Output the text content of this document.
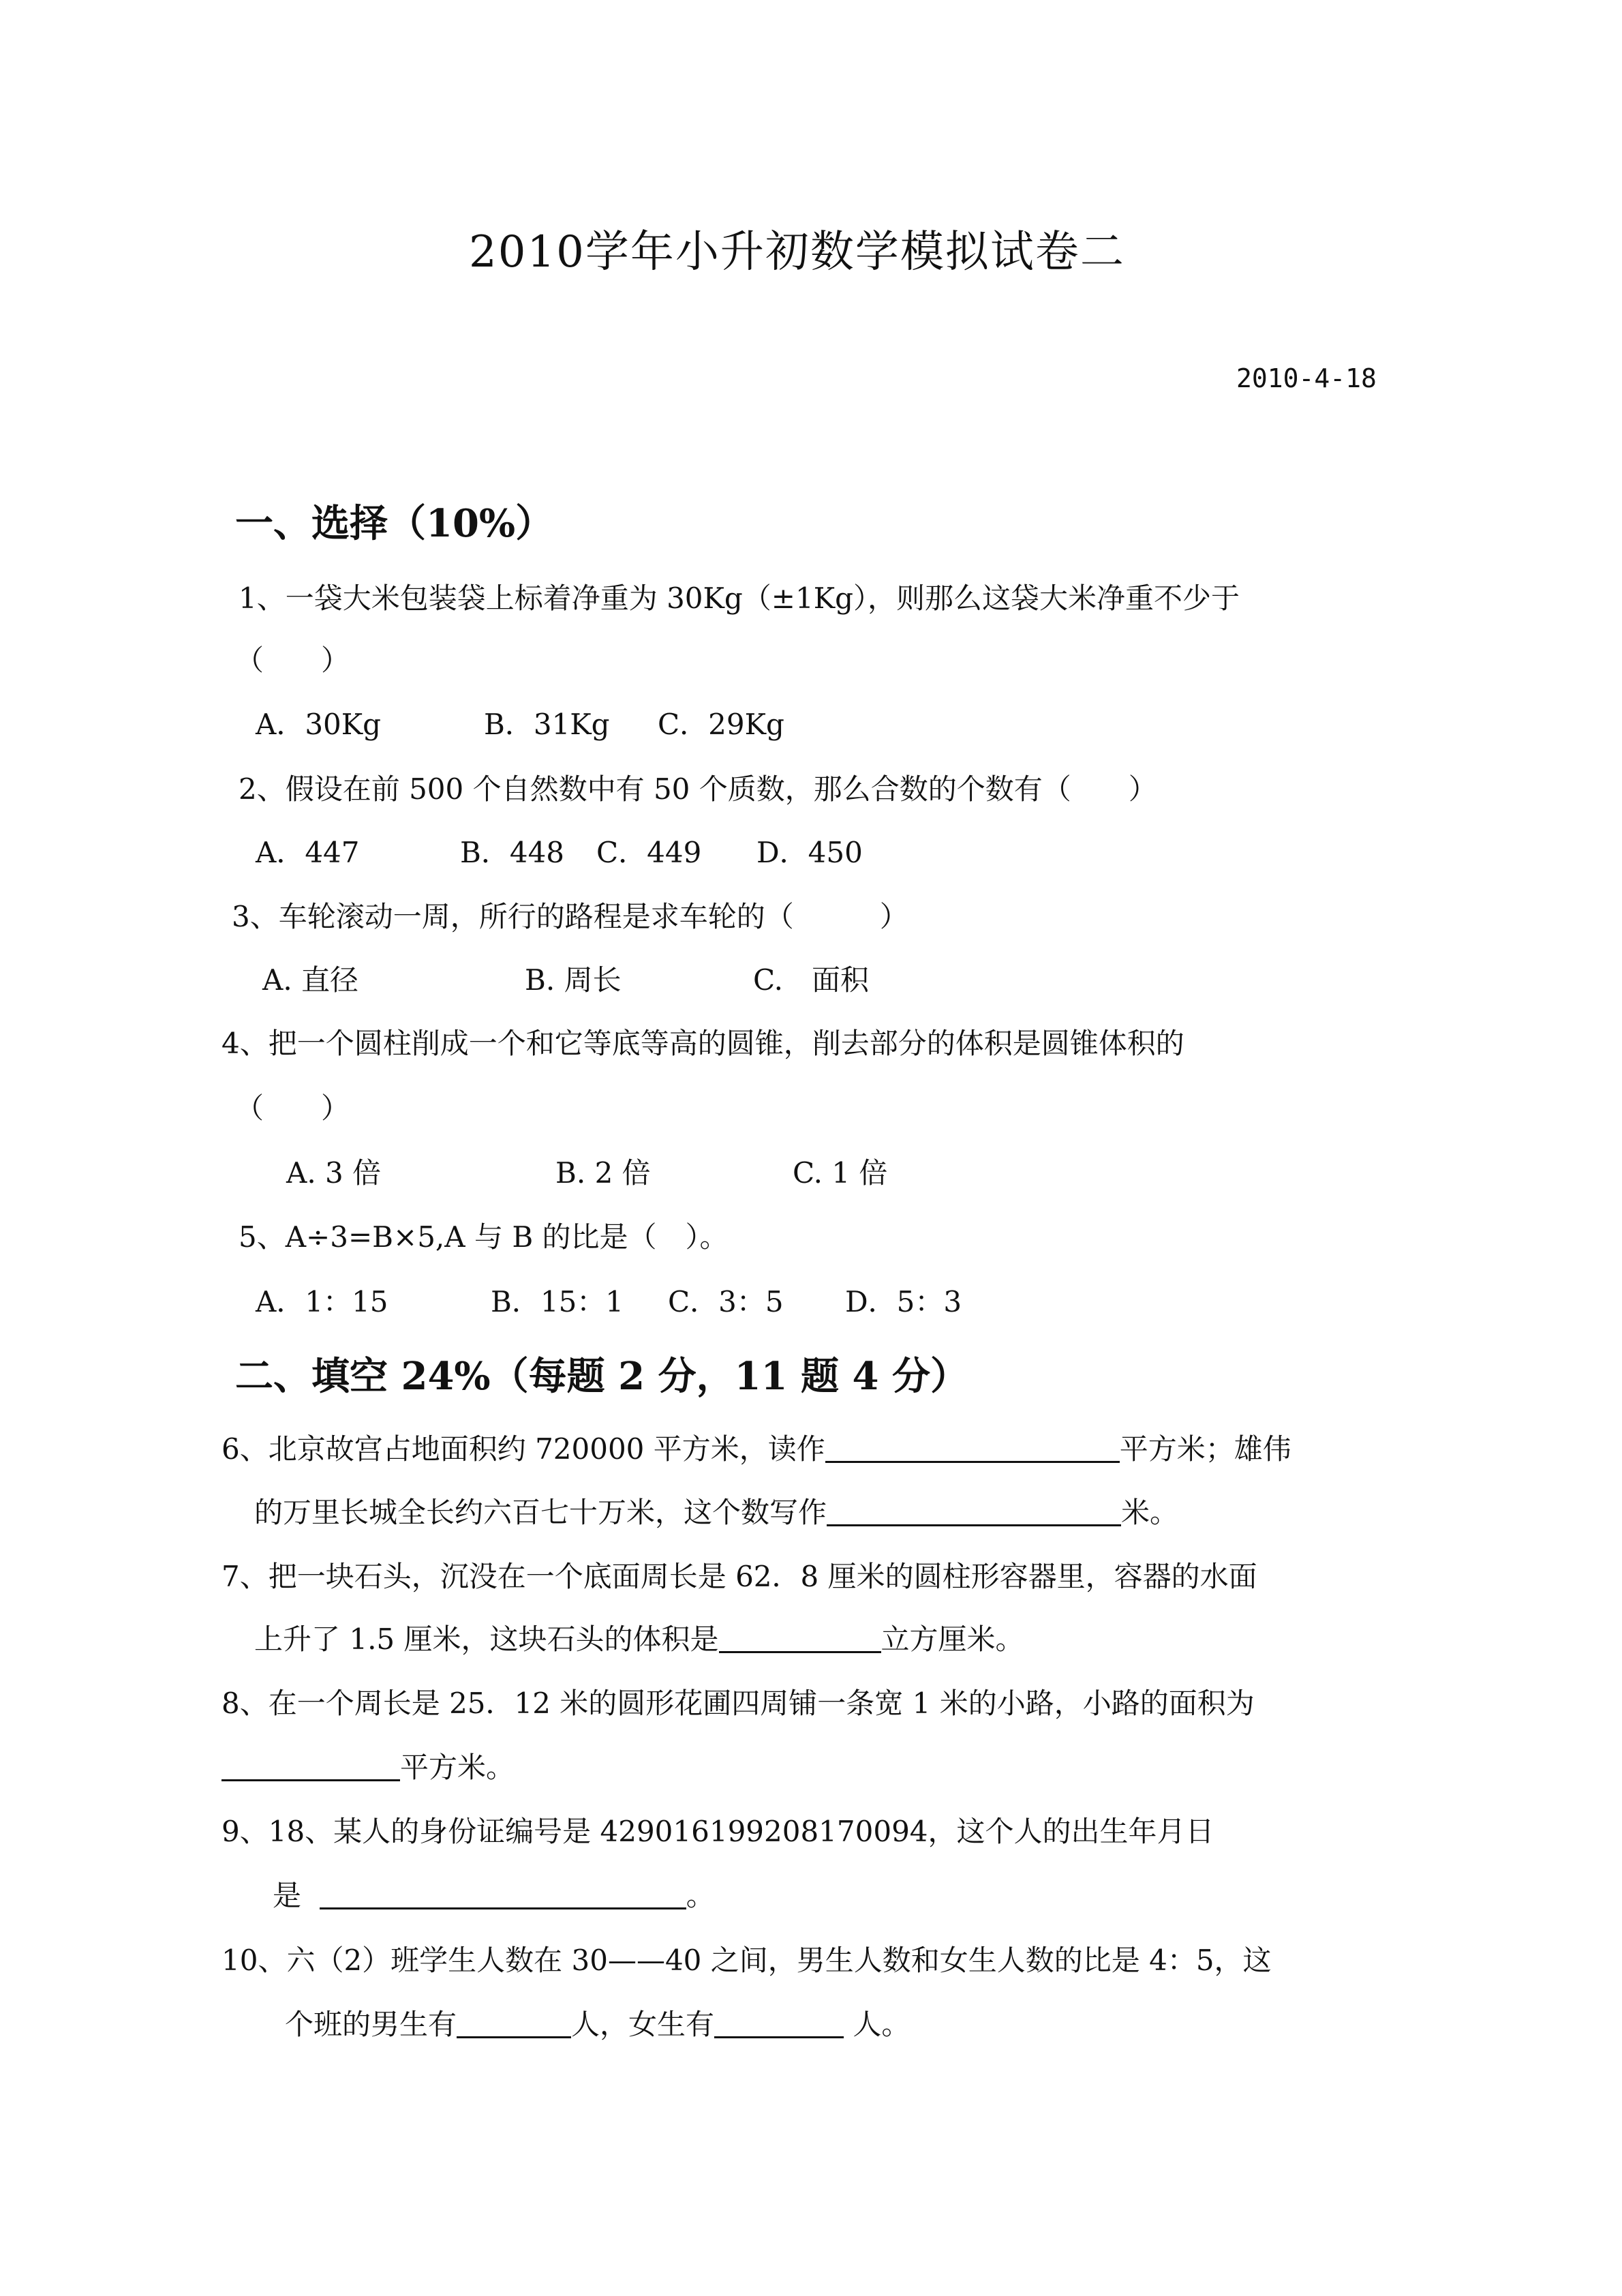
2010学年小升初数学模拟试卷二
2010-4-18
一、选择（10%）
1、一袋大米包装袋上标着净重为 30Kg（±1Kg），则那么这袋大米净重不少于
（　　）
A．30Kg	B．31Kg C．29Kg
2、假设在前 500 个自然数中有 50 个质数，那么合数的个数有（　　）
A．447	B．448 C．449 D．450
3、车轮滚动一周，所行的路程是求车轮的（　　　）
A. 直径	B. 周长	C.　面积
4、把一个圆柱削成一个和它等底等高的圆锥，削去部分的体积是圆锥体积的
（　　）
A. 3 倍	B. 2 倍	C. 1 倍
5、A÷3=B×5,A 与 B 的比是（　）。
A．1：15	B．15：1 C．3：5 D．5：3
二、填空 24%（每题 2 分，11 题 4 分）
6、北京故宫占地面积约 720000 平方米，读作	平方米；雄伟
的万里长城全长约六百七十万米，这个数写作	米。
7、把一块石头，沉没在一个底面周长是 62．8 厘米的圆柱形容器里，容器的水面
上升了 1.5 厘米，这块石头的体积是	立方厘米。
8、在一个周长是 25．12 米的圆形花圃四周铺一条宽 1 米的小路，小路的面积为
平方米。
9、18、某人的身份证编号是 429016199208170094，这个人的出生年月日
是	。
10、六（2）班学生人数在 30——40 之间，男生人数和女生人数的比是 4：5，这
个班的男生有	人，女生有	人。
